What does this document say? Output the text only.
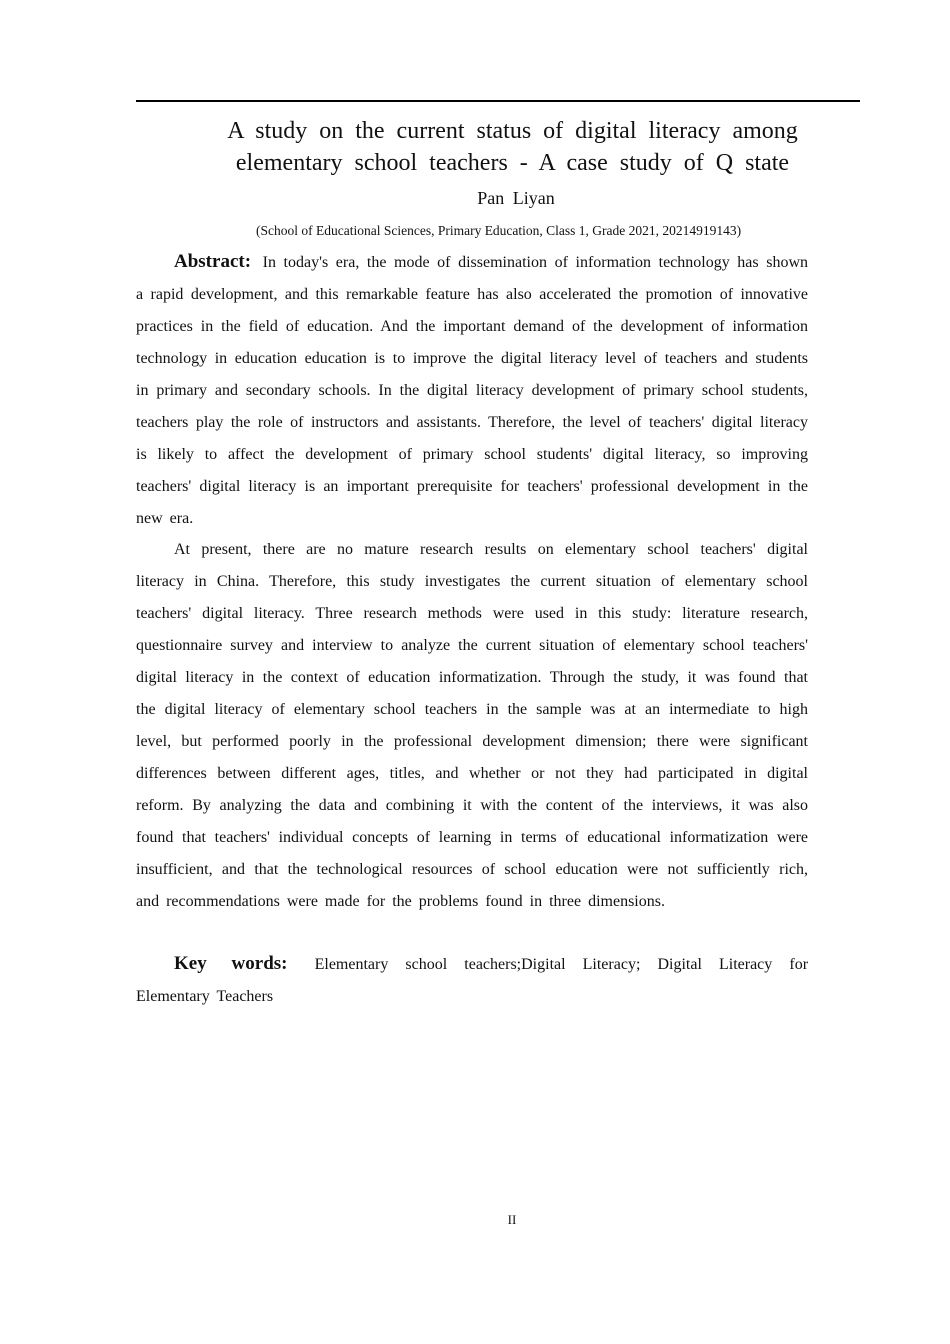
A study on the current status of digital literacy among
elementary school teachers - A case study of Q state
Pan Liyan
(School of Educational Sciences, Primary Education, Class 1, Grade 2021, 20214919143)
Abstract: In today's era, the mode of dissemination of information technology has shown a rapid development, and this remarkable feature has also accelerated the promotion of innovative practices in the field of education. And the important demand of the development of information technology in education education is to improve the digital literacy level of teachers and students in primary and secondary schools. In the digital literacy development of primary school students, teachers play the role of instructors and assistants. Therefore, the level of teachers' digital literacy is likely to affect the development of primary school students' digital literacy, so improving teachers' digital literacy is an important prerequisite for teachers' professional development in the new era.
At present, there are no mature research results on elementary school teachers' digital literacy in China. Therefore, this study investigates the current situation of elementary school teachers' digital literacy. Three research methods were used in this study: literature research, questionnaire survey and interview to analyze the current situation of elementary school teachers' digital literacy in the context of education informatization. Through the study, it was found that the digital literacy of elementary school teachers in the sample was at an intermediate to high level, but performed poorly in the professional development dimension; there were significant differences between different ages, titles, and whether or not they had participated in digital reform. By analyzing the data and combining it with the content of the interviews, it was also found that teachers' individual concepts of learning in terms of educational informatization were insufficient, and that the technological resources of school education were not sufficiently rich, and recommendations were made for the problems found in three dimensions.
Key words: Elementary school teachers;Digital Literacy; Digital Literacy for Elementary Teachers
II
